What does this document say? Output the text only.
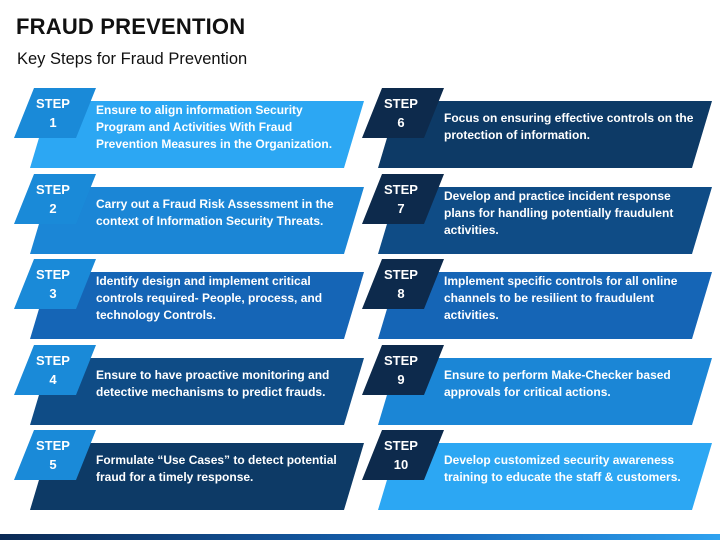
FRAUD PREVENTION
Key Steps for Fraud Prevention
STEP
1
Ensure to align information Security Program and Activities With Fraud Prevention Measures in the Organization.
STEP
2	Carry out a Fraud Risk Assessment in the context of Information Security Threats.
STEP
3
Identify design and implement critical controls required- People, process, and technology Controls.
STEP
4	Ensure to have proactive monitoring and detective mechanisms to predict frauds.
STEP
5	Formulate “Use Cases” to detect potential fraud for a timely response.
STEP
6	Focus on ensuring effective controls on the protection of information.
STEP
7
Develop and practice incident response plans for handling potentially fraudulent activities.
STEP
8
Implement specific controls for all online channels to be resilient to fraudulent activities.
STEP
9	Ensure to perform Make-Checker based approvals for critical actions.
STEP
10	Develop customized security awareness training to educate the staff & customers.
